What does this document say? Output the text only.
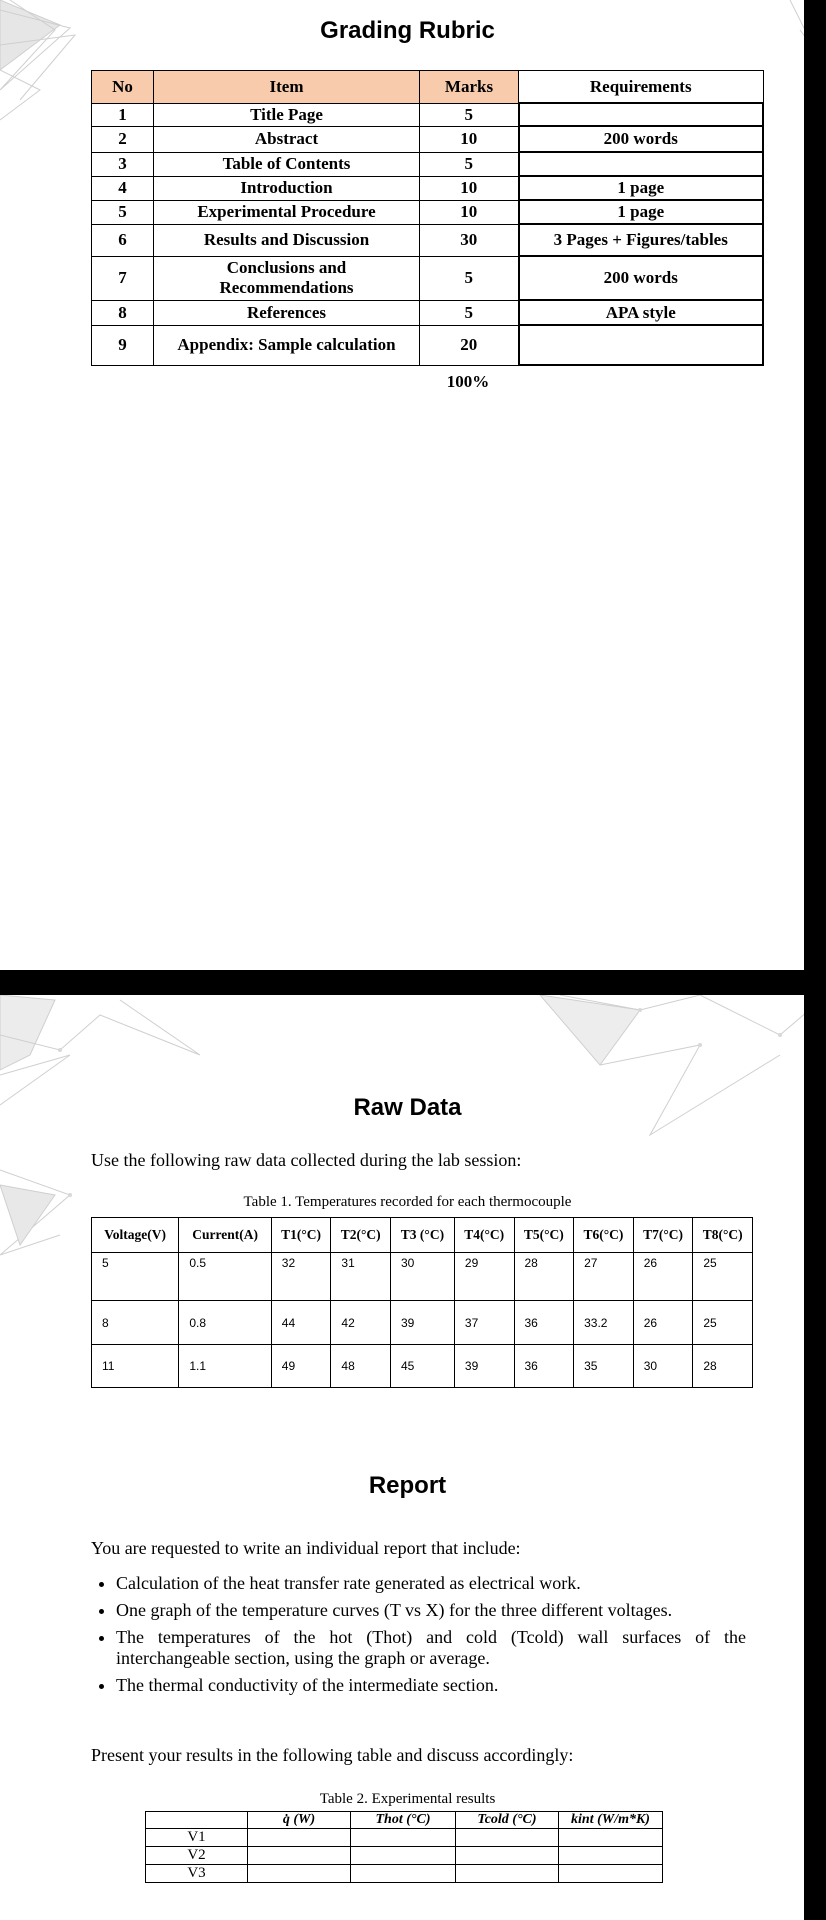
Grading Rubric
No	Item	Marks	Requirements
1	Title Page	5	
2	Abstract	10	200 words
3	Table of Contents	5	
4	Introduction	10	1 page
5	Experimental Procedure	10	1 page
6	Results and Discussion	30	3 Pages + Figures/tables
7	Conclusions and Recommendations	5	200 words
8	References	5	APA style
9	Appendix: Sample calculation	20	
100%
Raw Data
Use the following raw data collected during the lab session:
Table 1. Temperatures recorded for each thermocouple
Voltage(V)	Current(A)	T1(°C)	T2(°C)	T3 (°C)	T4(°C)	T5(°C)	T6(°C)	T7(°C)	T8(°C)
5	0.5	32	31	30	29	28	27	26	25
8	0.8	44	42	39	37	36	33.2	26	25
11	1.1	49	48	45	39	36	35	30	28
Report
You are requested to write an individual report that include:
• Calculation of the heat transfer rate generated as electrical work.
• One graph of the temperature curves (T vs X) for the three different voltages.
• The temperatures of the hot (Thot) and cold (Tcold) wall surfaces of the interchangeable section, using the graph or average.
• The thermal conductivity of the intermediate section.
Present your results in the following table and discuss accordingly:
Table 2. Experimental results
	q̇ (W)	Thot (°C)	Tcold (°C)	kint (W/m*K)
V1				
V2				
V3				
